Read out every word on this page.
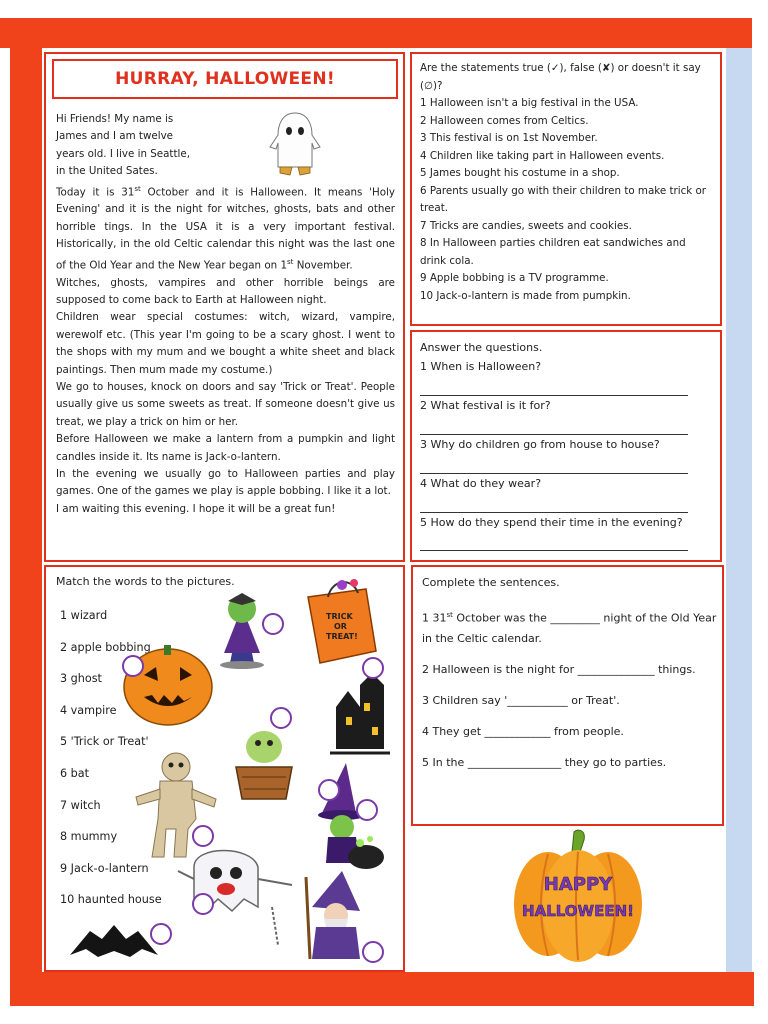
HURRAY, HALLOWEEN!

Hi Friends! My name is

James and I am twelve

years old. I live in Seattle,

in the United Sates.

Today it is 31st October and it is Halloween. It means 'Holy Evening' and it is the night for witches, ghosts, bats and other horrible tings. In the USA it is a very important festival. Historically, in the old Celtic calendar this night was the last one of the Old Year and the New Year began on 1st November.

Witches, ghosts, vampires and other horrible beings are supposed to come back to Earth at Halloween night.

Children wear special costumes: witch, wizard, vampire, werewolf etc. (This year I'm going to be a scary ghost. I went to the shops with my mum and we bought a white sheet and black paintings. Then mum made my costume.)

We go to houses, knock on doors and say 'Trick or Treat'. People usually give us some sweets as treat. If someone doesn't give us treat, we play a trick on him or her.

Before Halloween we make a lantern from a pumpkin and light candles inside it. Its name is Jack-o-lantern.

In the evening we usually go to Halloween parties and play games. One of the games we play is apple bobbing. I like it a lot.

I am waiting this evening. I hope it will be a great fun!

Are the statements true (✓), false (✘) or doesn't it say (∅)?
1 Halloween isn't a big festival in the USA.
2 Halloween comes from Celtics.
3 This festival is on 1st November.
4 Children like taking part in Halloween events.
5 James bought his costume in a shop.
6 Parents usually go with their children to make trick or treat.
7 Tricks are candies, sweets and cookies.
8 In Halloween parties children eat sandwiches and drink cola.
9 Apple bobbing is a TV programme.
10 Jack-o-lantern is made from pumpkin.
Answer the questions.
1 When is Halloween?
2 What festival is it for?
3 Why do children go from house to house?
4 What do they wear?
5 How do they spend their time in the evening?
Match the words to the pictures.
1 wizard
2 apple bobbing
3 ghost
4 vampire
5 'Trick or Treat'
6 bat
7 witch
8 mummy
9 Jack-o-lantern
10 haunted house
TRICK
OR
TREAT!
Complete the sentences.
1 31st October was the _________ night of the Old Year in the Celtic calendar.
2 Halloween is the night for ______________ things.
3 Children say '___________ or Treat'.
4 They get ____________ from people.
5 In the _________________ they go to parties.
HAPPY
HALLOWEEN!
